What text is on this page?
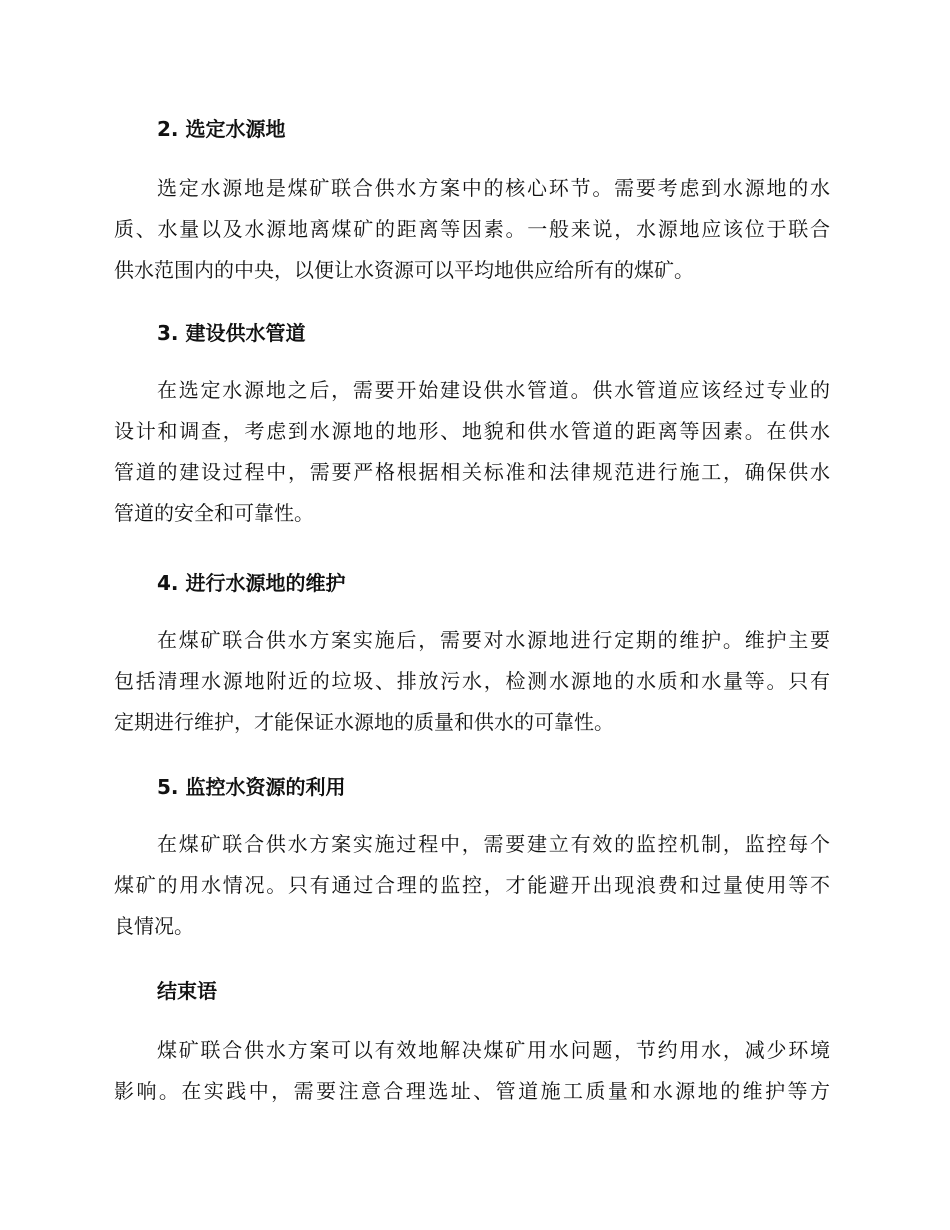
2. 选定水源地
选定水源地是煤矿联合供水方案中的核心环节。需要考虑到水源地的水
质、水量以及水源地离煤矿的距离等因素。一般来说，水源地应该位于联合
供水范围内的中央，以便让水资源可以平均地供应给所有的煤矿。
3. 建设供水管道
在选定水源地之后，需要开始建设供水管道。供水管道应该经过专业的
设计和调查，考虑到水源地的地形、地貌和供水管道的距离等因素。在供水
管道的建设过程中，需要严格根据相关标准和法律规范进行施工，确保供水
管道的安全和可靠性。
4. 进行水源地的维护
在煤矿联合供水方案实施后，需要对水源地进行定期的维护。维护主要
包括清理水源地附近的垃圾、排放污水，检测水源地的水质和水量等。只有
定期进行维护，才能保证水源地的质量和供水的可靠性。
5. 监控水资源的利用
在煤矿联合供水方案实施过程中，需要建立有效的监控机制，监控每个
煤矿的用水情况。只有通过合理的监控，才能避开出现浪费和过量使用等不
良情况。
结束语
煤矿联合供水方案可以有效地解决煤矿用水问题，节约用水，减少环境
影响。在实践中，需要注意合理选址、管道施工质量和水源地的维护等方
